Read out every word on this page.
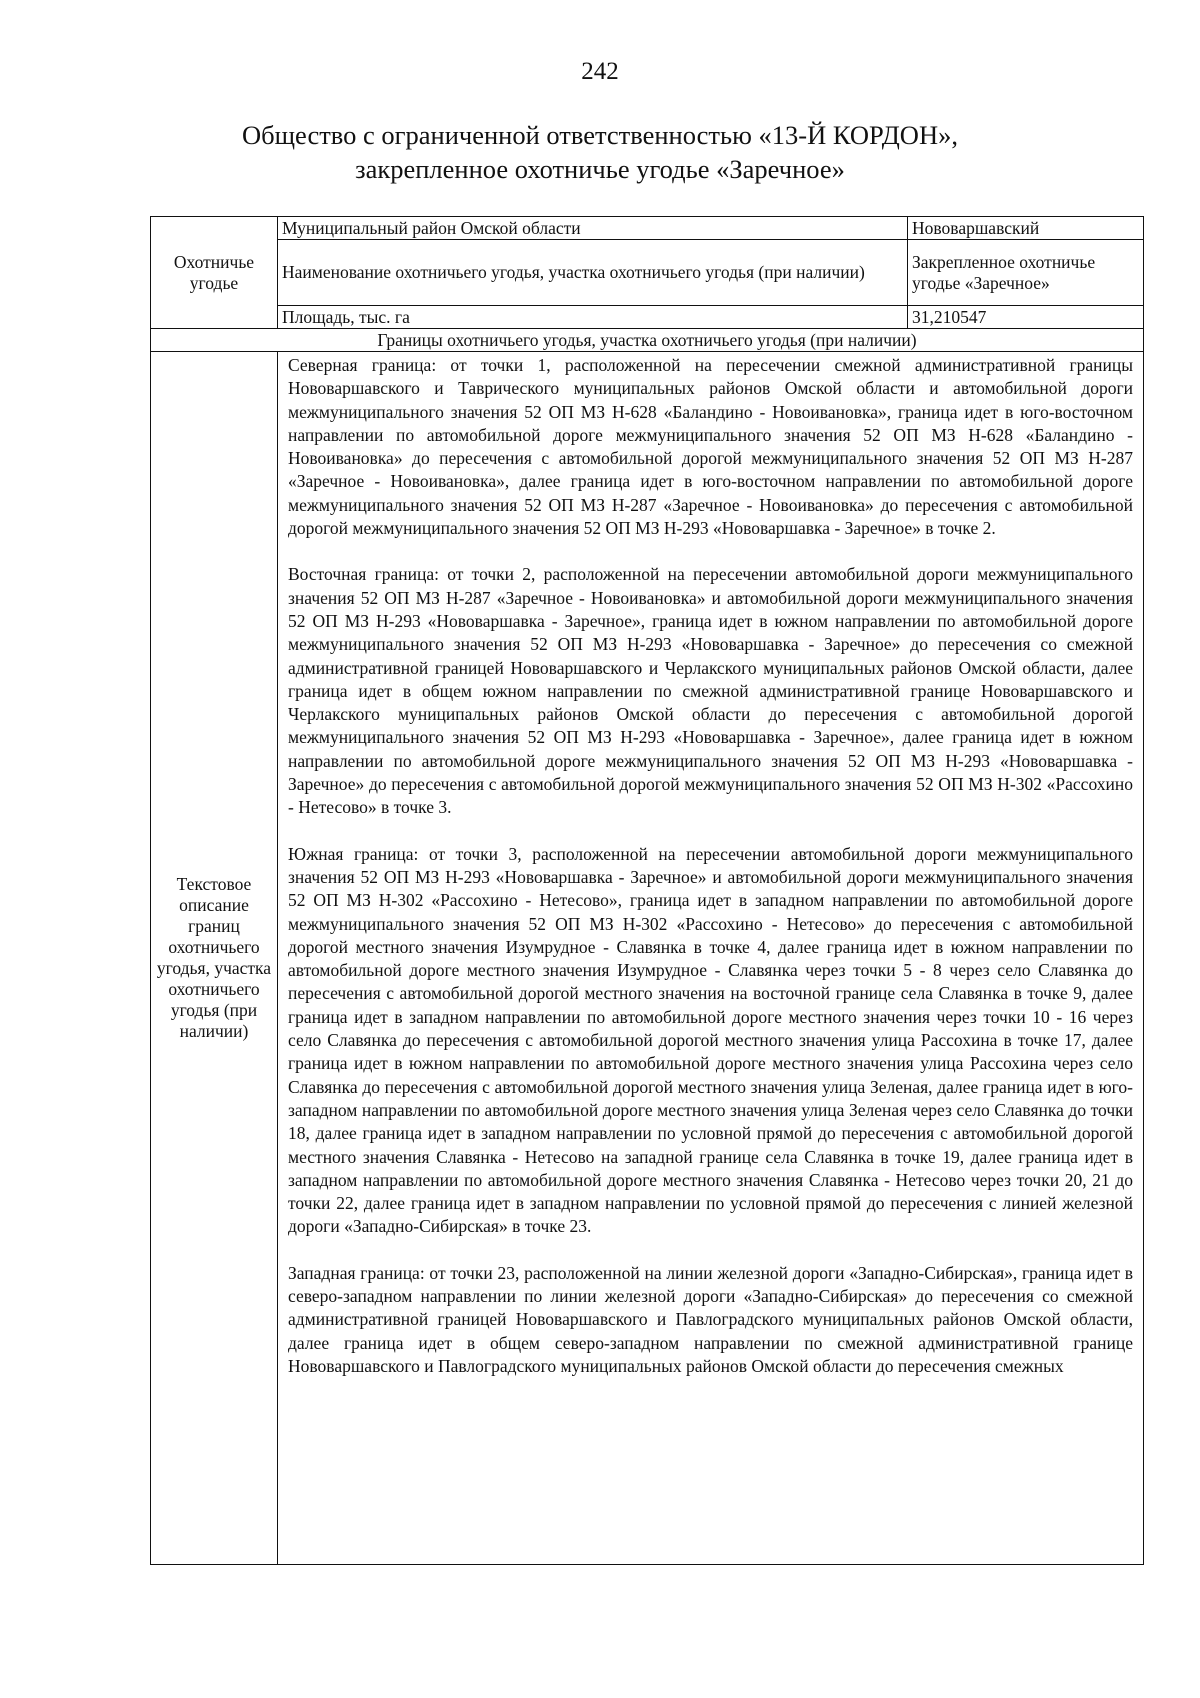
242
Общество с ограниченной ответственностью «13-Й КОРДОН»,
закрепленное охотничье угодье «Заречное»
Охотничье угодье	Муниципальный район Омской области	Нововаршавский
	Наименование охотничьего угодья, участка охотничьего угодья (при наличии)	Закрепленное охотничье угодье «Заречное»
	Площадь, тыс. га	31,210547
Границы охотничьего угодья, участка охотничьего угодья (при наличии)		
Текстовое описание границ охотничьего угодья, участка охотничьего угодья (при наличии)	Северная граница: от точки 1, расположенной на пересечении смежной административной границы Нововаршавского и Таврического муниципальных районов Омской области и автомобильной дороги межмуниципального значения 52 ОП МЗ Н-628 «Баландино - Новоивановка», граница идет в юго-восточном направлении по автомобильной дороге межмуниципального значения 52 ОП МЗ Н-628 «Баландино - Новоивановка» до пересечения с автомобильной дорогой межмуниципального значения 52 ОП МЗ Н-287 «Заречное - Новоивановка», далее граница идет в юго-восточном направлении по автомобильной дороге межмуниципального значения 52 ОП МЗ Н-287 «Заречное - Новоивановка» до пересечения с автомобильной дорогой межмуниципального значения 52 ОП МЗ Н-293 «Нововаршавка - Заречное» в точке 2.

Восточная граница: от точки 2, расположенной на пересечении автомобильной дороги межмуниципального значения 52 ОП МЗ Н-287 «Заречное - Новоивановка» и автомобильной дороги межмуниципального значения 52 ОП МЗ Н-293 «Нововаршавка - Заречное», граница идет в южном направлении по автомобильной дороге межмуниципального значения 52 ОП МЗ Н-293 «Нововаршавка - Заречное» до пересечения со смежной административной границей Нововаршавского и Черлакского муниципальных районов Омской области, далее граница идет в общем южном направлении по смежной административной границе Нововаршавского и Черлакского муниципальных районов Омской области до пересечения с автомобильной дорогой межмуниципального значения 52 ОП МЗ Н-293 «Нововаршавка - Заречное», далее граница идет в южном направлении по автомобильной дороге межмуниципального значения 52 ОП МЗ Н-293 «Нововаршавка - Заречное» до пересечения с автомобильной дорогой межмуниципального значения 52 ОП МЗ Н-302 «Рассохино - Нетесово» в точке 3.

Южная граница: от точки 3, расположенной на пересечении автомобильной дороги межмуниципального значения 52 ОП МЗ Н-293 «Нововаршавка - Заречное» и автомобильной дороги межмуниципального значения 52 ОП МЗ Н-302 «Рассохино - Нетесово», граница идет в западном направлении по автомобильной дороге межмуниципального значения 52 ОП МЗ Н-302 «Рассохино - Нетесово» до пересечения с автомобильной дорогой местного значения Изумрудное - Славянка в точке 4, далее граница идет в южном направлении по автомобильной дороге местного значения Изумрудное - Славянка через точки 5 - 8 через село Славянка до пересечения с автомобильной дорогой местного значения на восточной границе села Славянка в точке 9, далее граница идет в западном направлении по автомобильной дороге местного значения через точки 10 - 16 через село Славянка до пересечения с автомобильной дорогой местного значения улица Рассохина в точке 17, далее граница идет в южном направлении по автомобильной дороге местного значения улица Рассохина через село Славянка до пересечения с автомобильной дорогой местного значения улица Зеленая, далее граница идет в юго-западном направлении по автомобильной дороге местного значения улица Зеленая через село Славянка до точки 18, далее граница идет в западном направлении по условной прямой до пересечения с автомобильной дорогой местного значения Славянка - Нетесово на западной границе села Славянка в точке 19, далее граница идет в западном направлении по автомобильной дороге местного значения Славянка - Нетесово через точки 20, 21 до точки 22, далее граница идет в западном направлении по условной прямой до пересечения с линией железной дороги «Западно-Сибирская» в точке 23.

Западная граница: от точки 23, расположенной на линии железной дороги «Западно-Сибирская», граница идет в северо-западном направлении по линии железной дороги «Западно-Сибирская» до пересечения со смежной административной границей Нововаршавского и Павлоградского муниципальных районов Омской области, далее граница идет в общем северо-западном направлении по смежной административной границе Нововаршавского и Павлоградского муниципальных районов Омской области до пересечения смежных	
